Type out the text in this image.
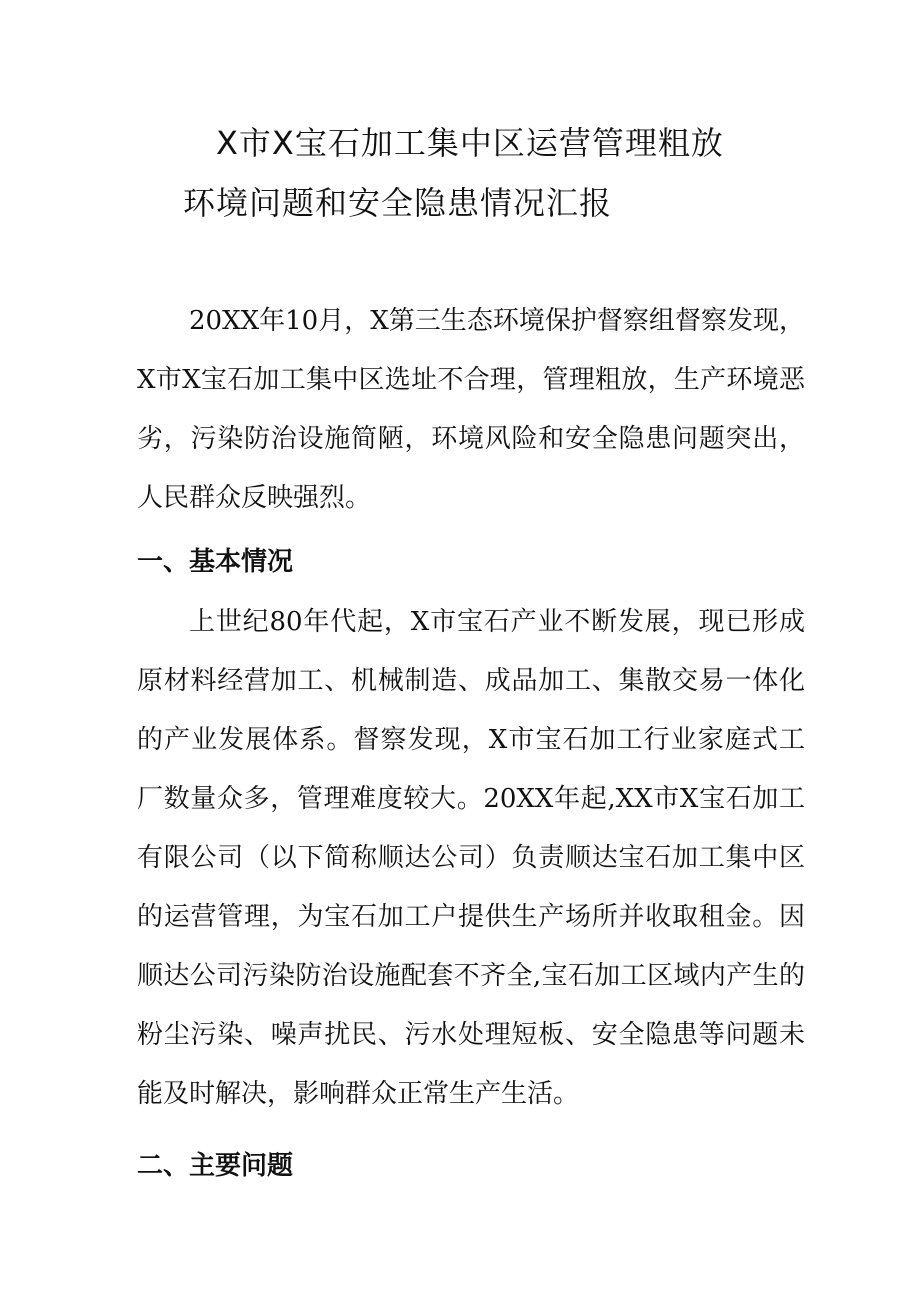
X市X宝石加工集中区运营管理粗放
环境问题和安全隐患情况汇报
20XX年10月，X第三生态环境保护督察组督察发现，X市X宝石加工集中区选址不合理，管理粗放，生产环境恶劣，污染防治设施简陋，环境风险和安全隐患问题突出，人民群众反映强烈。
一、基本情况
上世纪80年代起，X市宝石产业不断发展，现已形成原材料经营加工、机械制造、成品加工、集散交易一体化的产业发展体系。督察发现，X市宝石加工行业家庭式工厂数量众多，管理难度较大。20XX年起,XX市X宝石加工有限公司（以下简称顺达公司）负责顺达宝石加工集中区的运营管理，为宝石加工户提供生产场所并收取租金。因顺达公司污染防治设施配套不齐全,宝石加工区域内产生的粉尘污染、噪声扰民、污水处理短板、安全隐患等问题未能及时解决，影响群众正常生产生活。
二、主要问题
